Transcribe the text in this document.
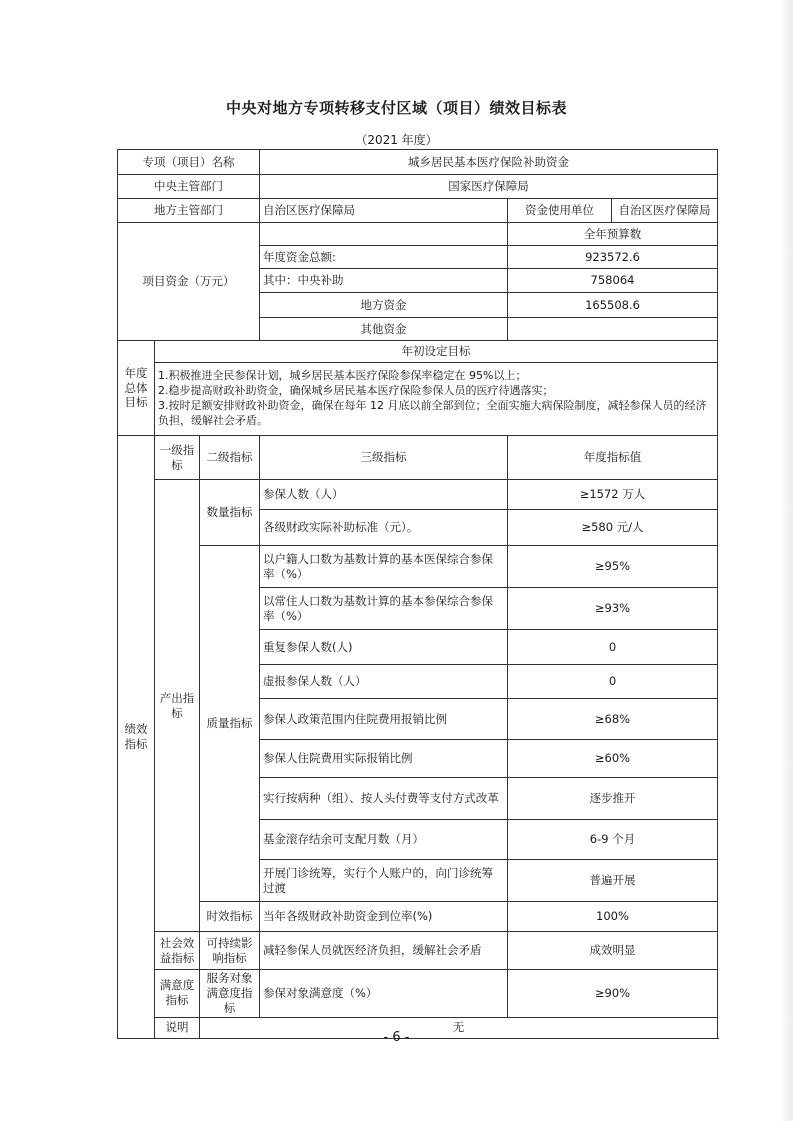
中央对地方专项转移支付区域（项目）绩效目标表
（2021 年度）
专项（项目）名称			城乡居民基本医疗保险补助资金		
中央主管部门			国家医疗保障局		
地方主管部门			自治区医疗保障局	资金使用单位	自治区医疗保障局
项目资金（万元）				全年预算数	
			年度资金总额:	923572.6	
			其中：中央补助	758064	
			地方资金	165508.6	
			其他资金		
年度总体目标	年初设定目标				

	1.积极推进全民参保计划，城乡居民基本医疗保险参保率稳定在 95%以上；
2.稳步提高财政补助资金，确保城乡居民基本医疗保险参保人员的医疗待遇落实；
3.按时足额安排财政补助资金，确保在每年 12 月底以前全部到位；全面实施大病保险制度，减轻参保人员的经济负担，缓解社会矛盾。				

绩效指标	一级指标	二级指标	三级指标	年度指标值	
	产出指标	数量指标	参保人数（人）	≥1572 万人	
			各级财政实际补助标准（元）。	≥580 元/人	
		质量指标	以户籍人口数为基数计算的基本医保综合参保率（%）	≥95%	
			以常住人口数为基数计算的基本参保综合参保率（%）	≥93%	
			重复参保人数(人)	0	
			虚报参保人数（人）	0	
			参保人政策范围内住院费用报销比例	≥68%	
			参保人住院费用实际报销比例	≥60%	
			实行按病种（组）、按人头付费等支付方式改革	逐步推开	
			基金滚存结余可支配月数（月）	6-9 个月	
			开展门诊统筹，实行个人账户的，向门诊统筹过渡	普遍开展	
		时效指标	当年各级财政补助资金到位率(%)	100%	
	社会效益指标	可持续影响指标	减轻参保人员就医经济负担，缓解社会矛盾	成效明显	
	满意度指标	服务对象满意度指标	参保对象满意度（%）	≥90%	
	说明	无			
- 6 -
